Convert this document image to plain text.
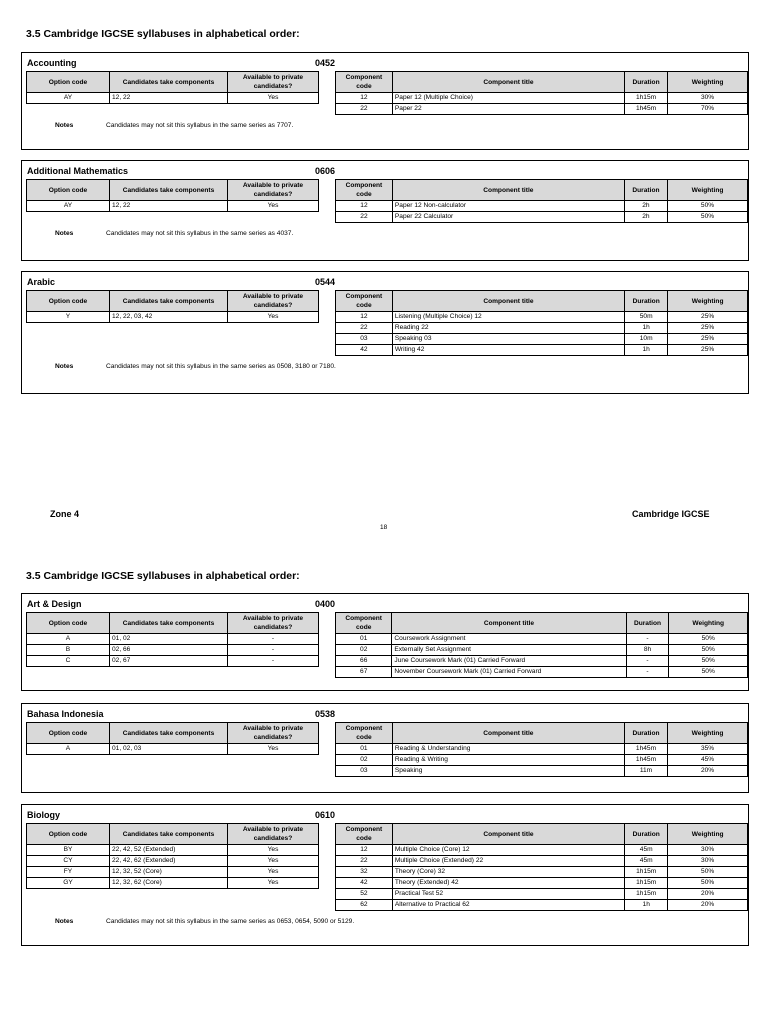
3.5 Cambridge IGCSE syllabuses in alphabetical order:
Accounting	0452
Option code	Candidates take components	Available to private candidates?
AY	12, 22	Yes
Component code	Component title	Duration	Weighting
12	Paper 12 (Multiple Choice)	1h15m	30%
22	Paper 22	1h45m	70%
Notes	Candidates may not sit this syllabus in the same series as 7707.
Additional Mathematics	0606
Option code	Candidates take components	Available to private candidates?
AY	12, 22	Yes
Component code	Component title	Duration	Weighting
12	Paper 12 Non-calculator	2h	50%
22	Paper 22 Calculator	2h	50%
Notes	Candidates may not sit this syllabus in the same series as 4037.
Arabic	0544
Option code	Candidates take components	Available to private candidates?
Y	12, 22, 03, 42	Yes
Component code	Component title	Duration	Weighting
12	Listening (Multiple Choice) 12	50m	25%
22	Reading 22	1h	25%
03	Speaking 03	10m	25%
42	Writing 42	1h	25%
Notes	Candidates may not sit this syllabus in the same series as 0508, 3180 or 7180.
Zone 4	Cambridge IGCSE
18
3.5 Cambridge IGCSE syllabuses in alphabetical order:
Art & Design	0400
Option code	Candidates take components	Available to private candidates?
A	01, 02	-
B	02, 66	-
C	02, 67	-
Component code	Component title	Duration	Weighting
01	Coursework Assignment	-	50%
02	Externally Set Assignment	8h	50%
66	June Coursework Mark (01) Carried Forward	-	50%
67	November Coursework Mark (01) Carried Forward	-	50%
Bahasa Indonesia	0538
Option code	Candidates take components	Available to private candidates?
A	01, 02, 03	Yes
Component code	Component title	Duration	Weighting
01	Reading & Understanding	1h45m	35%
02	Reading & Writing	1h45m	45%
03	Speaking	11m	20%
Biology	0610
Option code	Candidates take components	Available to private candidates?
BY	22, 42, 52 (Extended)	Yes
CY	22, 42, 62 (Extended)	Yes
FY	12, 32, 52 (Core)	Yes
GY	12, 32, 62 (Core)	Yes
Component code	Component title	Duration	Weighting
12	Multiple Choice (Core) 12	45m	30%
22	Multiple Choice (Extended) 22	45m	30%
32	Theory (Core) 32	1h15m	50%
42	Theory (Extended) 42	1h15m	50%
52	Practical Test 52	1h15m	20%
62	Alternative to Practical 62	1h	20%
Notes	Candidates may not sit this syllabus in the same series as 0653, 0654, 5090 or 5129.
